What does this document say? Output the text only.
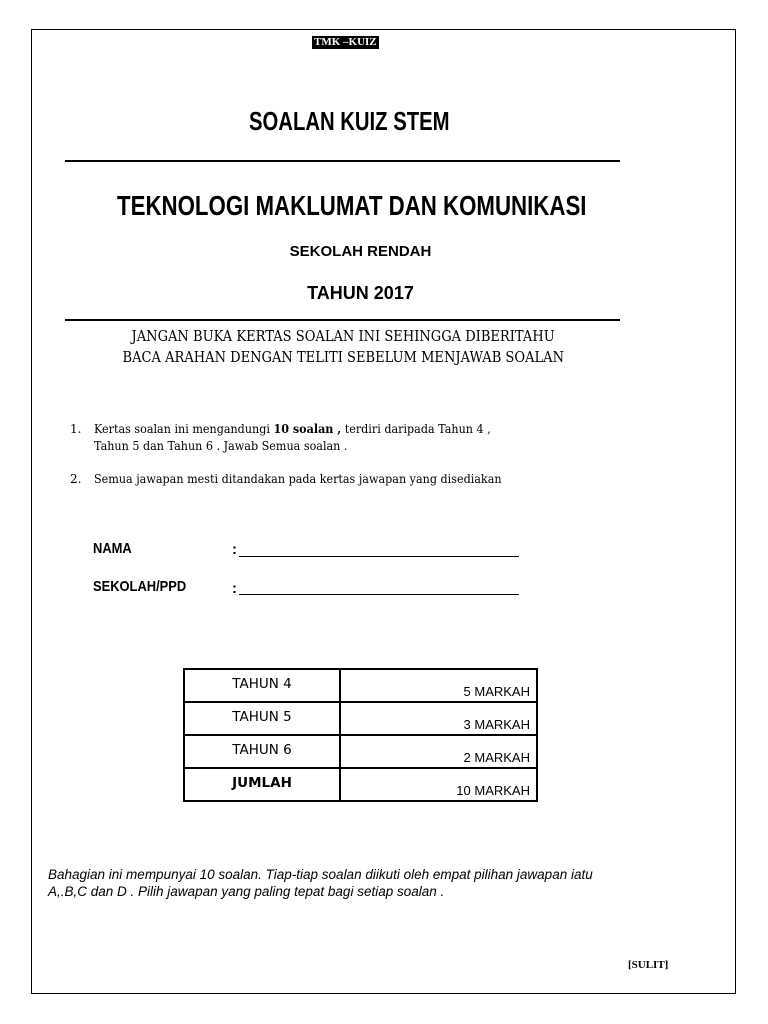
TMK –KUIZ
SOALAN KUIZ STEM
TEKNOLOGI MAKLUMAT DAN KOMUNIKASI
SEKOLAH RENDAH
TAHUN 2017
JANGAN BUKA KERTAS SOALAN INI SEHINGGA DIBERITAHU
BACA ARAHAN DENGAN TELITI SEBELUM MENJAWAB SOALAN
1. Kertas soalan ini mengandungi 10 soalan , terdiri daripada Tahun 4 ,
Tahun 5 dan Tahun 6 . Jawab Semua soalan .
2. Semua jawapan mesti ditandakan pada kertas jawapan yang disediakan
NAMA	:
SEKOLAH/PPD	:
TAHUN 4	5 MARKAH
TAHUN 5	3 MARKAH
TAHUN 6	2 MARKAH
JUMLAH	10 MARKAH
Bahagian ini mempunyai 10 soalan. Tiap-tiap soalan diikuti oleh empat pilihan jawapan iatu
A,.B,C dan D . Pilih jawapan yang paling tepat bagi setiap soalan .
[SULIT]
